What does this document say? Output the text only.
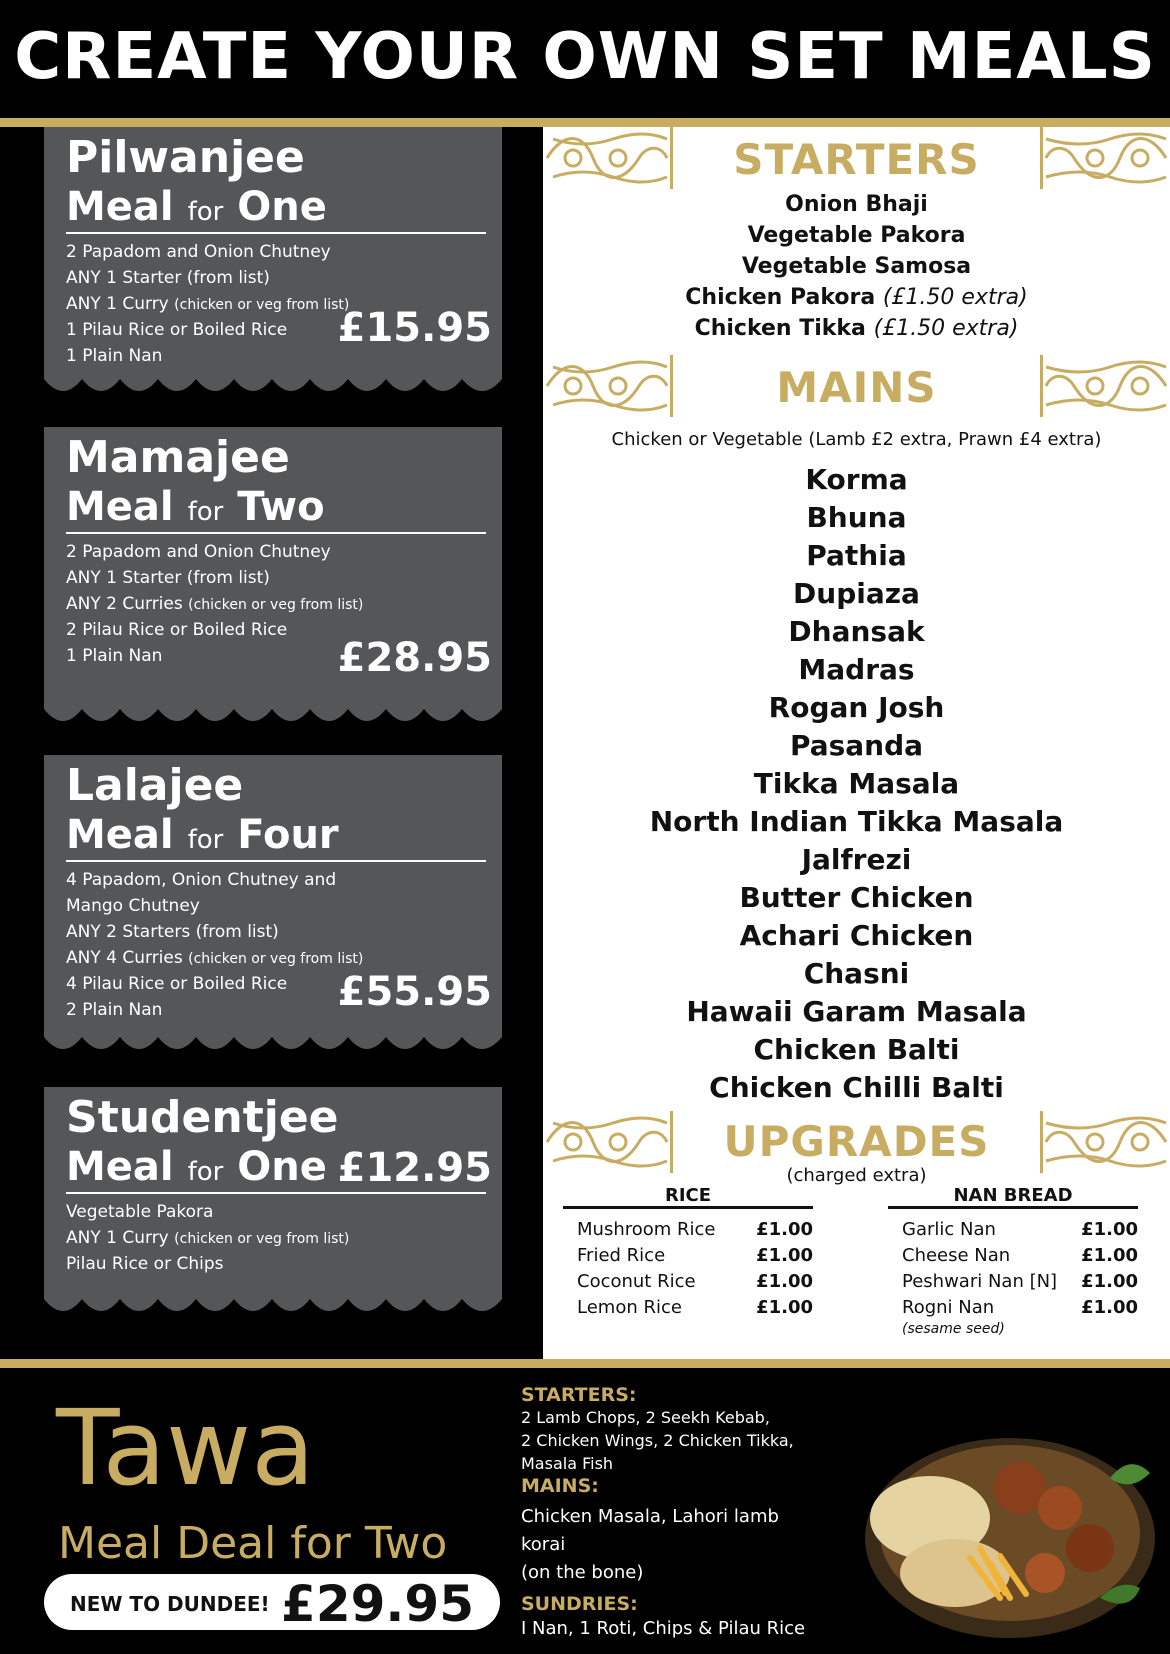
CREATE YOUR OWN SET MEALS
Pilwanjee
Meal for One
2 Papadom and Onion Chutney
ANY 1 Starter (from list)
ANY 1 Curry (chicken or veg from list)
1 Pilau Rice or Boiled Rice
1 Plain Nan
£15.95
Mamajee
Meal for Two
2 Papadom and Onion Chutney
ANY 1 Starter (from list)
ANY 2 Curries (chicken or veg from list)
2 Pilau Rice or Boiled Rice
1 Plain Nan	£28.95
Lalajee
Meal for Four
4 Papadom, Onion Chutney and
Mango Chutney
ANY 2 Starters (from list)
ANY 4 Curries (chicken or veg from list)
4 Pilau Rice or Boiled Rice
2 Plain Nan	£55.95
Studentjee
Meal for One
Vegetable Pakora
ANY 1 Curry (chicken or veg from list)
Pilau Rice or Chips
£12.95
STARTERS
Onion Bhaji
Vegetable Pakora
Vegetable Samosa
Chicken Pakora (£1.50 extra)
Chicken Tikka (£1.50 extra)
MAINS
Chicken or Vegetable (Lamb £2 extra, Prawn £4 extra)
Korma
Bhuna
Pathia
Dupiaza
Dhansak
Madras
Rogan Josh
Pasanda
Tikka Masala
North Indian Tikka Masala
Jalfrezi
Butter Chicken
Achari Chicken
Chasni
Hawaii Garam Masala
Chicken Balti
Chicken Chilli Balti
UPGRADES
(charged extra)
RICE
Mushroom Rice £1.00
Fried Rice	£1.00
Coconut Rice	£1.00
Lemon Rice	£1.00
NAN BREAD
Garlic Nan	£1.00
Cheese Nan	£1.00
Peshwari Nan [N] £1.00
Rogni Nan	£1.00
(sesame seed)
Tawa
Meal Deal for Two
NEW TO DUNDEE! £29.95
STARTERS:
2 Lamb Chops, 2 Seekh Kebab,
2 Chicken Wings, 2 Chicken Tikka,
Masala Fish
MAINS:
Chicken Masala, Lahori lamb korai
(on the bone)
SUNDRIES:
I Nan, 1 Roti, Chips & Pilau Rice
